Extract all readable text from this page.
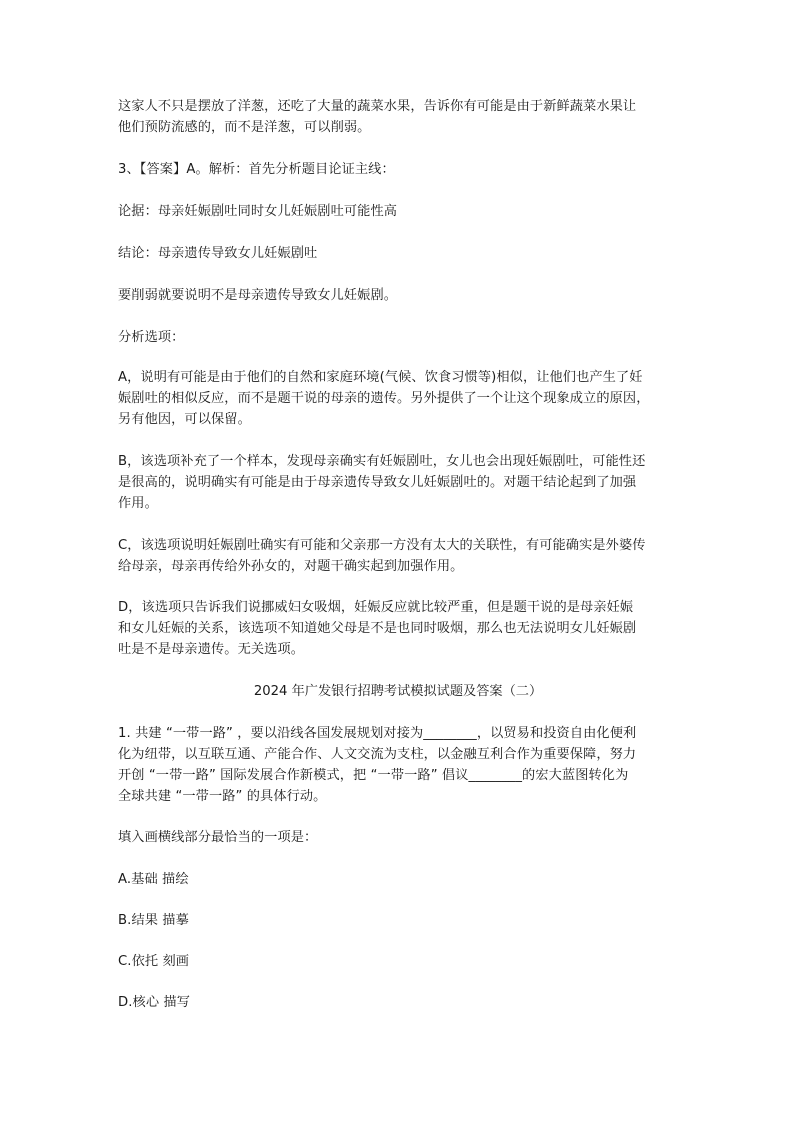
这家人不只是摆放了洋葱，还吃了大量的蔬菜水果，告诉你有可能是由于新鲜蔬菜水果让
他们预防流感的，而不是洋葱，可以削弱。

3、【答案】A。解析：首先分析题目论证主线：

论据：母亲妊娠剧吐同时女儿妊娠剧吐可能性高

结论：母亲遗传导致女儿妊娠剧吐

要削弱就要说明不是母亲遗传导致女儿妊娠剧。

分析选项：

A，说明有可能是由于他们的自然和家庭环境(气候、饮食习惯等)相似，让他们也产生了妊
娠剧吐的相似反应，而不是题干说的母亲的遗传。另外提供了一个让这个现象成立的原因，
另有他因，可以保留。

B，该选项补充了一个样本，发现母亲确实有妊娠剧吐，女儿也会出现妊娠剧吐，可能性还
是很高的，说明确实有可能是由于母亲遗传导致女儿妊娠剧吐的。对题干结论起到了加强
作用。

C，该选项说明妊娠剧吐确实有可能和父亲那一方没有太大的关联性，有可能确实是外婆传
给母亲，母亲再传给外孙女的，对题干确实起到加强作用。

D，该选项只告诉我们说挪威妇女吸烟，妊娠反应就比较严重，但是题干说的是母亲妊娠
和女儿妊娠的关系，该选项不知道她父母是不是也同时吸烟，那么也无法说明女儿妊娠剧
吐是不是母亲遗传。无关选项。

2024 年广发银行招聘考试模拟试题及答案（二）

1. 共建 “一带一路” ，要以沿线各国发展规划对接为________，以贸易和投资自由化便利
化为纽带，以互联互通、产能合作、人文交流为支柱，以金融互利合作为重要保障，努力
开创 “一带一路” 国际发展合作新模式，把 “一带一路” 倡议________的宏大蓝图转化为
全球共建 “一带一路” 的具体行动。

填入画横线部分最恰当的一项是：

A.基础 描绘

B.结果 描摹

C.依托 刻画

D.核心 描写
